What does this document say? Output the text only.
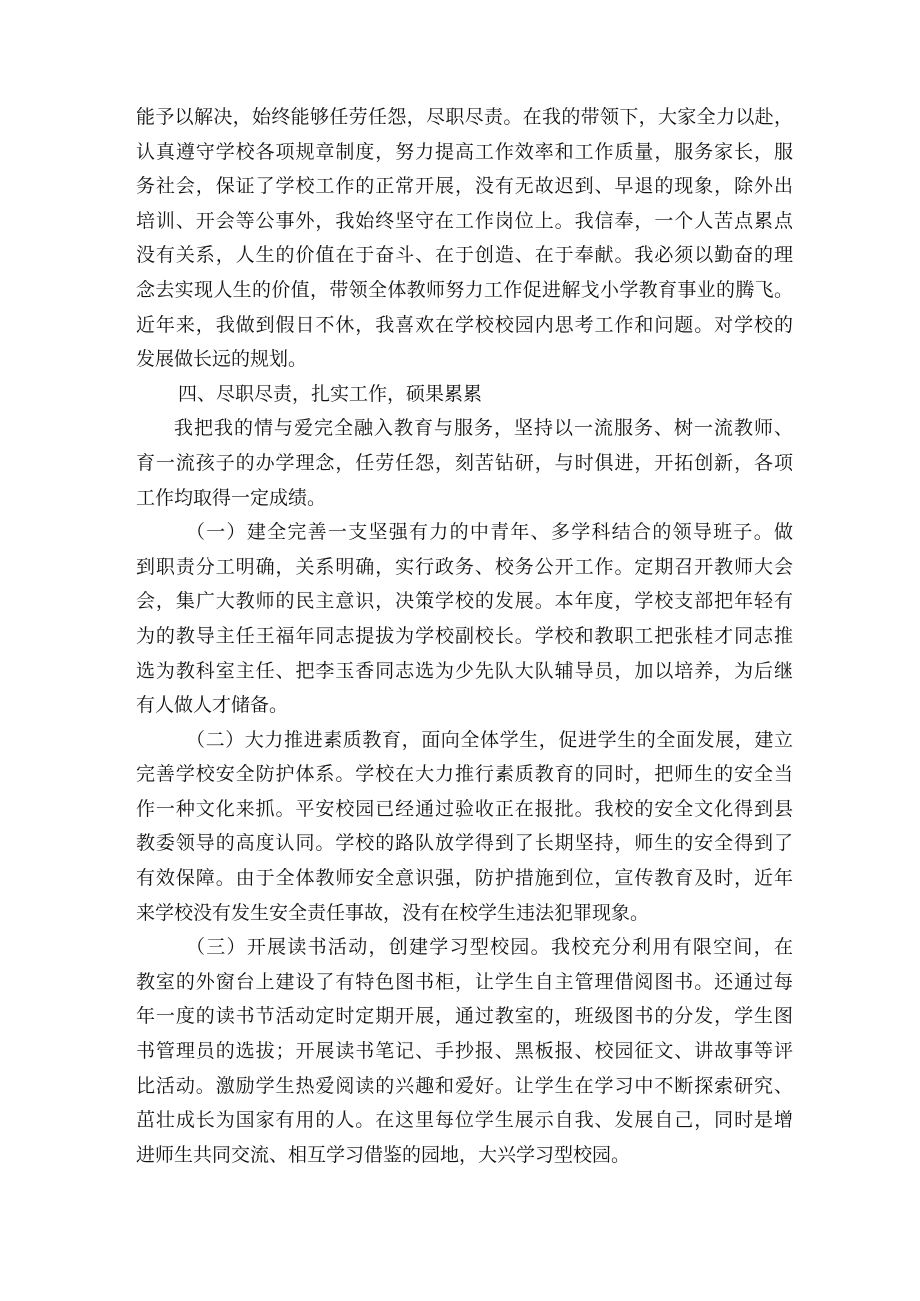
能予以解决，始终能够任劳任怨，尽职尽责。在我的带领下，大家全力以赴，
认真遵守学校各项规章制度，努力提高工作效率和工作质量，服务家长，服
务社会，保证了学校工作的正常开展，没有无故迟到、早退的现象，除外出
培训、开会等公事外，我始终坚守在工作岗位上。我信奉，一个人苦点累点
没有关系，人生的价值在于奋斗、在于创造、在于奉献。我必须以勤奋的理
念去实现人生的价值，带领全体教师努力工作促进解戈小学教育事业的腾飞。
近年来，我做到假日不休，我喜欢在学校校园内思考工作和问题。对学校的
发展做长远的规划。
四、尽职尽责，扎实工作，硕果累累
我把我的情与爱完全融入教育与服务，坚持以一流服务、树一流教师、
育一流孩子的办学理念，任劳任怨，刻苦钻研，与时俱进，开拓创新，各项
工作均取得一定成绩。
（一）建全完善一支坚强有力的中青年、多学科结合的领导班子。做
到职责分工明确，关系明确，实行政务、校务公开工作。定期召开教师大会
会，集广大教师的民主意识，决策学校的发展。本年度，学校支部把年轻有
为的教导主任王福年同志提拔为学校副校长。学校和教职工把张桂才同志推
选为教科室主任、把李玉香同志选为少先队大队辅导员，加以培养，为后继
有人做人才储备。
（二）大力推进素质教育，面向全体学生，促进学生的全面发展，建立
完善学校安全防护体系。学校在大力推行素质教育的同时，把师生的安全当
作一种文化来抓。平安校园已经通过验收正在报批。我校的安全文化得到县
教委领导的高度认同。学校的路队放学得到了长期坚持，师生的安全得到了
有效保障。由于全体教师安全意识强，防护措施到位，宣传教育及时，近年
来学校没有发生安全责任事故，没有在校学生违法犯罪现象。
（三）开展读书活动，创建学习型校园。我校充分利用有限空间，在
教室的外窗台上建设了有特色图书柜，让学生自主管理借阅图书。还通过每
年一度的读书节活动定时定期开展，通过教室的，班级图书的分发，学生图
书管理员的选拔；开展读书笔记、手抄报、黑板报、校园征文、讲故事等评
比活动。激励学生热爱阅读的兴趣和爱好。让学生在学习中不断探索研究、
茁壮成长为国家有用的人。在这里每位学生展示自我、发展自己，同时是增
进师生共同交流、相互学习借鉴的园地，大兴学习型校园。
